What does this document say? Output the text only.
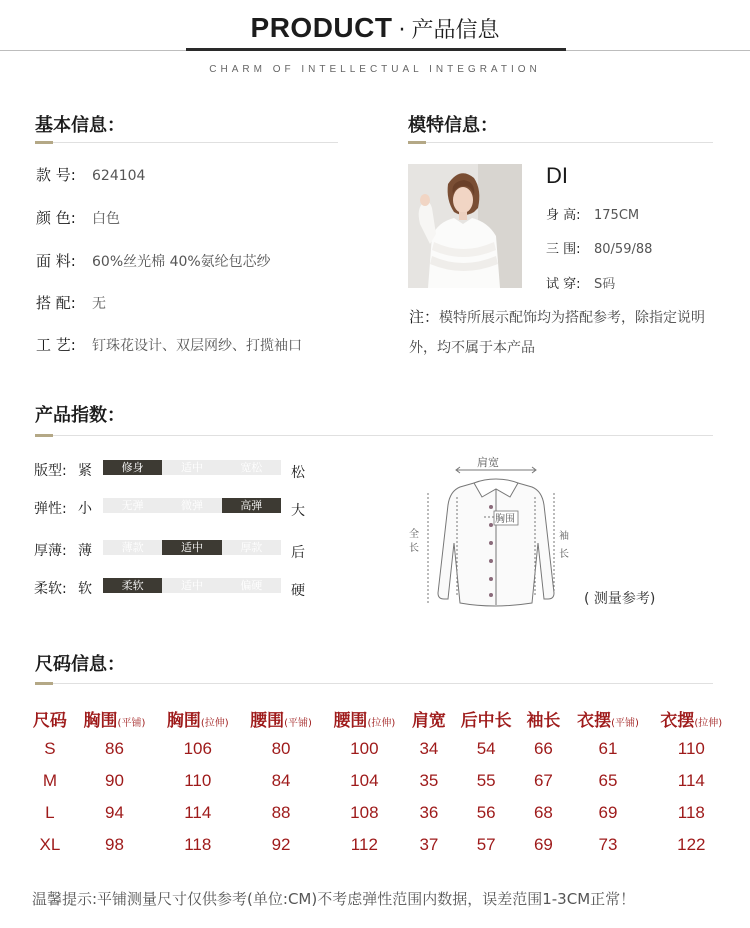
PRODUCT · 产品信息
CHARM OF INTELLECTUAL INTEGRATION
基本信息：
款 号: 624104
颜 色: 白色
面 料: 60%丝光棉 40%氨纶包芯纱
搭 配: 无
工 艺: 钉珠花设计、双层网纱、打揽袖口
模特信息：
DI
身 高: 175CM
三 围: 80/59/88
试 穿: S码
注：模特所展示配饰均为搭配参考，除指定说明外，均不属于本产品
产品指数：
版型: 紧	修身	适中	宽松	松
弹性: 小	无弹	微弹	高弹	大
厚薄: 薄	薄款	适中	厚款	后
柔软: 软	柔软	适中	偏硬	硬
肩宽
胸围
全
长
袖
长
( 测量参考)
尺码信息：
尺码	胸围(平铺)	胸围(拉伸)	腰围(平铺)	腰围(拉伸)	肩宽	后中长	袖长	衣摆(平铺)	衣摆(拉伸)
S	86	106	80	100	34	54	66	61	110
M	90	110	84	104	35	55	67	65	114
L	94	114	88	108	36	56	68	69	118
XL	98	118	92	112	37	57	69	73	122
温馨提示:平铺测量尺寸仅供参考(单位:CM)不考虑弹性范围内数据，误差范围1-3CM正常！
